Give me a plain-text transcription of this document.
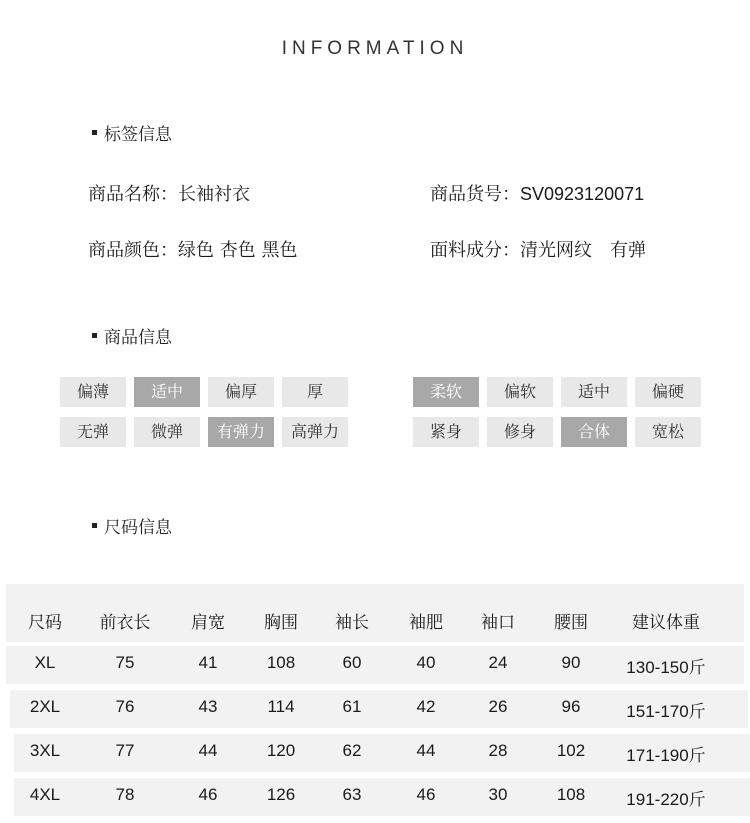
INFORMATION
标签信息
商品名称：长袖衬衣	商品货号：SV0923120071
商品颜色：绿色 杏色 黑色	面料成分：清光网纹　有弹
商品信息
偏薄	适中	偏厚	厚
无弹	微弹	有弹力	高弹力
柔软	偏软	适中	偏硬
紧身	修身	合体	宽松
尺码信息
尺码	前衣长	肩宽	胸围	袖长	袖肥	袖口	腰围	建议体重
XL	75	41	108	60	40	24	90	130-150斤
2XL	76	43	114	61	42	26	96	151-170斤
3XL	77	44	120	62	44	28	102	171-190斤
4XL	78	46	126	63	46	30	108	191-220斤
